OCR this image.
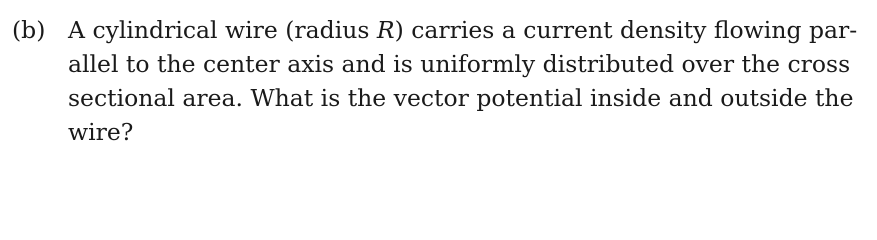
(b) A cylindrical wire (radius R) carries a current density flowing par-
allel to the center axis and is uniformly distributed over the cross
sectional area. What is the vector potential inside and outside the
wire?
